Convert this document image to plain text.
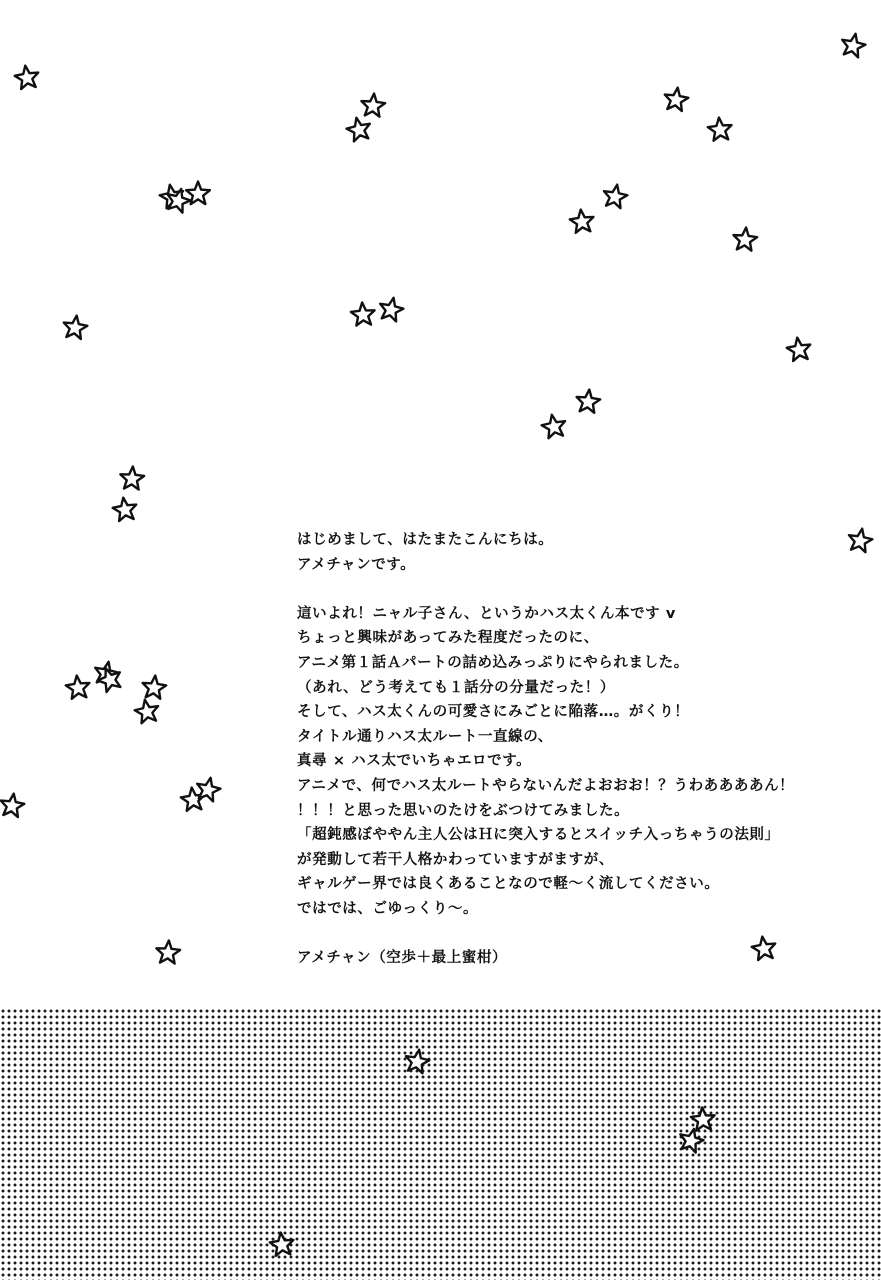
はじめまして、はたまたこんにちは。
アメチャンです。
這いよれ！ニャル子さん、というかハス太くん本です v
ちょっと興味があってみた程度だったのに、
アニメ第１話Ａパートの詰め込みっぷりにやられました。
（あれ、どう考えても１話分の分量だった！）
そして、ハス太くんの可愛さにみごとに陥落…。がくり！
タイトル通りハス太ルート一直線の、
真尋 × ハス太でいちゃエロです。
アニメで、何でハス太ルートやらないんだよおおお！？うわああああん！
！！！と思った思いのたけをぶつけてみました。
「超鈍感ぼややん主人公はＨに突入するとスイッチ入っちゃうの法則」
が発動して若干人格かわっていますがますが、
ギャルゲー界では良くあることなので軽～く流してください。
ではでは、ごゆっくり～。
アメチャン（空歩＋最上蜜柑）
